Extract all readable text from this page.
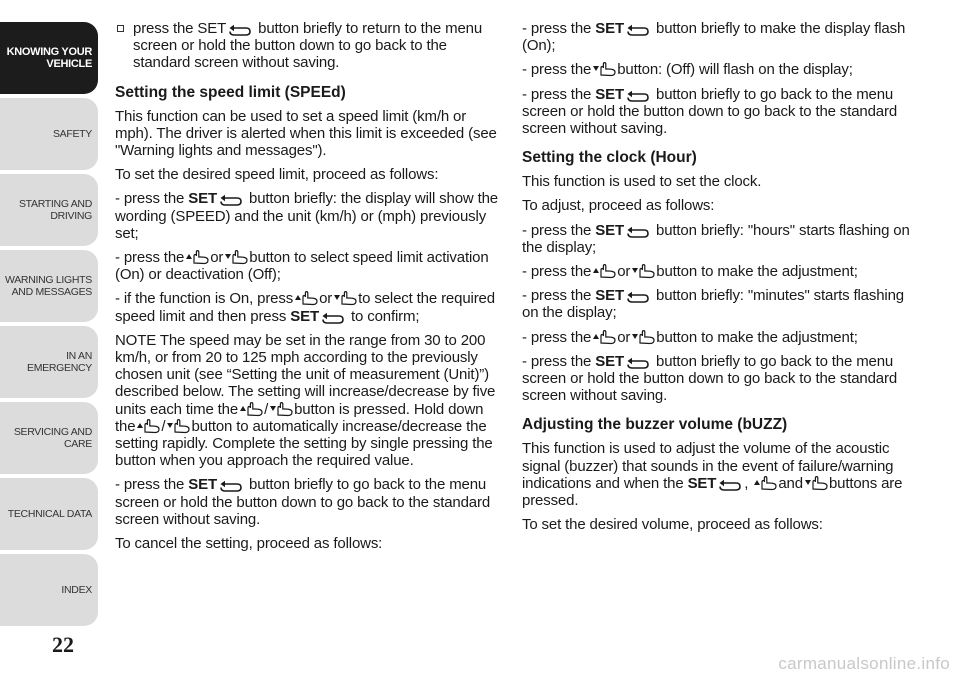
KNOWING YOUR
VEHICLE
SAFETY
STARTING AND
DRIVING
WARNING LIGHTS
AND MESSAGES
IN AN EMERGENCY
SERVICING AND
CARE
TECHNICAL DATA
INDEX
22

press the SET button briefly to return to the menu screen or hold the button down to go back to the standard screen without saving.

Setting the speed limit (SPEEd)

This function can be used to set a speed limit (km/h or mph). The driver is alerted when this limit is exceeded (see "Warning lights and messages").

To set the desired speed limit, proceed as follows:

- press the SET button briefly: the display will show the wording (SPEED) and the unit (km/h) or (mph) previously set;

- press the or button to select speed limit activation (On) or deactivation (Off);

- if the function is On, press or to select the required speed limit and then press SET to confirm;

NOTE The speed may be set in the range from 30 to 200 km/h, or from 20 to 125 mph according to the previously chosen unit (see “Setting the unit of measurement (Unit)”) described below. The setting will increase/decrease by five units each time the / button is pressed. Hold down the / button to automatically increase/decrease the setting rapidly. Complete the setting by single pressing the button when you approach the required value.

- press the SET button briefly to go back to the menu screen or hold the button down to go back to the standard screen without saving.

To cancel the setting, proceed as follows:

- press the SET button briefly to make the display flash (On);

- press the button: (Off) will flash on the display;

- press the SET button briefly to go back to the menu screen or hold the button down to go back to the standard screen without saving.

Setting the clock (Hour)

This function is used to set the clock.

To adjust, proceed as follows:

- press the SET button briefly: "hours" starts flashing on the display;

- press the or button to make the adjustment;

- press the SET button briefly: "minutes" starts flashing on the display;

- press the or button to make the adjustment;

- press the SET button briefly to go back to the menu screen or hold the button down to go back to the standard screen without saving.

Adjusting the buzzer volume (bUZZ)

This function is used to adjust the volume of the acoustic signal (buzzer) that sounds in the event of failure/warning indications and when the SET , and buttons are pressed.

To set the desired volume, proceed as follows:

carmanualsonline.info
